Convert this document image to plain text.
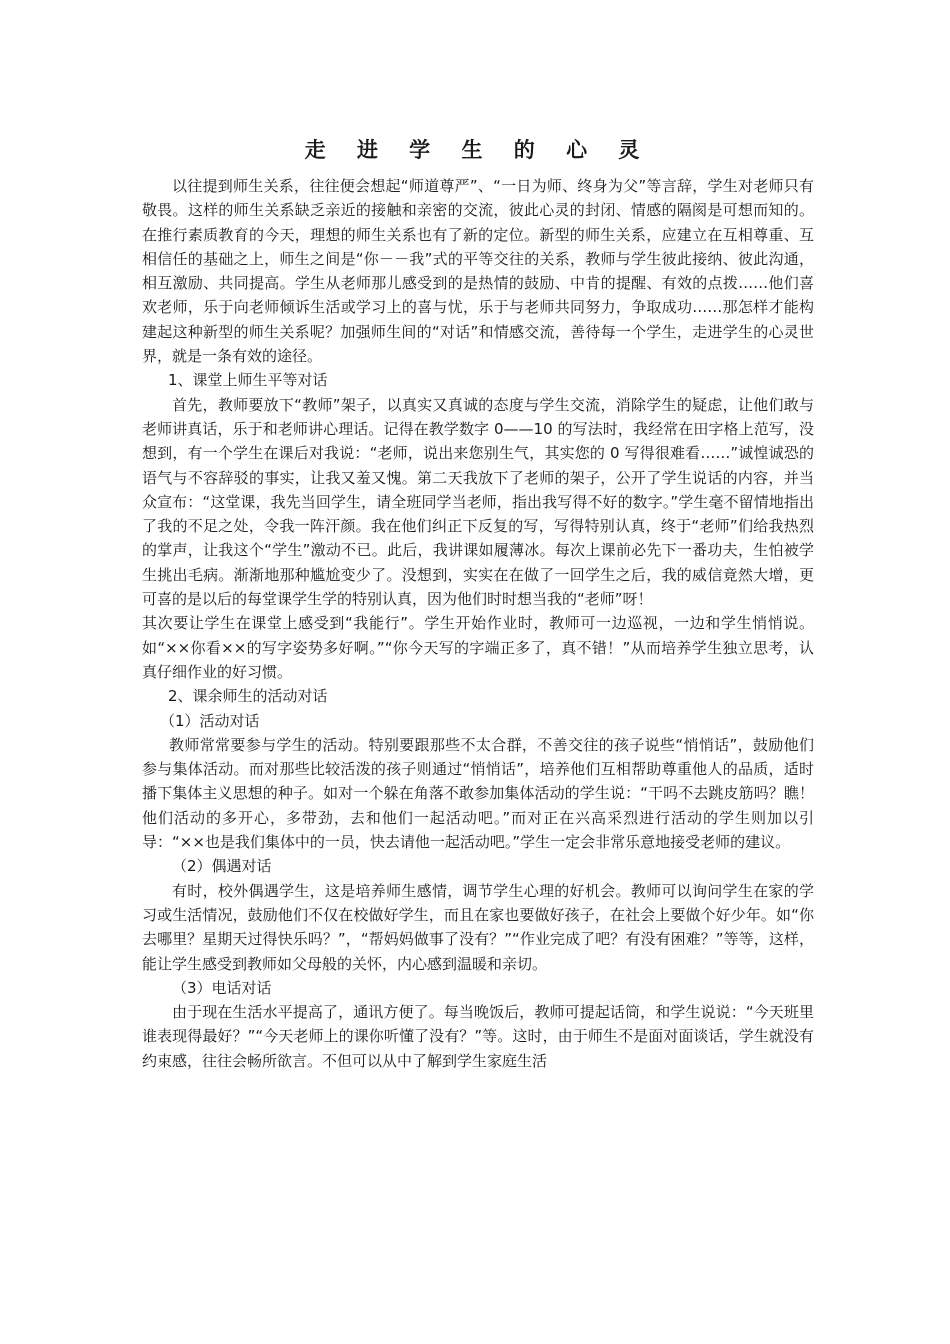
走 进 学 生 的 心 灵

以往提到师生关系，往往便会想起“师道尊严”、“一日为师、终身为父”等言辞，学生对老师只有敬畏。这样的师生关系缺乏亲近的接触和亲密的交流，彼此心灵的封闭、情感的隔阂是可想而知的。在推行素质教育的今天，理想的师生关系也有了新的定位。新型的师生关系，应建立在互相尊重、互相信任的基础之上，师生之间是“你－－我”式的平等交往的关系，教师与学生彼此接纳、彼此沟通，相互激励、共同提高。学生从老师那儿感受到的是热情的鼓励、中肯的提醒、有效的点拨……他们喜欢老师，乐于向老师倾诉生活或学习上的喜与忧，乐于与老师共同努力，争取成功……那怎样才能构建起这种新型的师生关系呢？加强师生间的“对话”和情感交流，善待每一个学生，走进学生的心灵世界，就是一条有效的途径。

1、课堂上师生平等对话

首先，教师要放下“教师”架子，以真实又真诚的态度与学生交流，消除学生的疑虑，让他们敢与老师讲真话，乐于和老师讲心理话。记得在教学数字 0——10 的写法时，我经常在田字格上范写，没想到，有一个学生在课后对我说：“老师，说出来您别生气，其实您的 0 写得很难看……”诚惶诚恐的语气与不容辞驳的事实，让我又羞又愧。第二天我放下了老师的架子，公开了学生说话的内容，并当众宣布：“这堂课，我先当回学生，请全班同学当老师，指出我写得不好的数字。”学生毫不留情地指出了我的不足之处，令我一阵汗颜。我在他们纠正下反复的写，写得特别认真，终于“老师”们给我热烈的掌声，让我这个“学生”激动不已。此后，我讲课如履薄冰。每次上课前必先下一番功夫，生怕被学生挑出毛病。渐渐地那种尴尬变少了。没想到，实实在在做了一回学生之后，我的威信竟然大增，更可喜的是以后的每堂课学生学的特别认真，因为他们时时想当我的“老师”呀！

其次要让学生在课堂上感受到“我能行”。学生开始作业时，教师可一边巡视，一边和学生悄悄说。如“××你看××的写字姿势多好啊。”“你今天写的字端正多了，真不错！”从而培养学生独立思考，认真仔细作业的好习惯。

2、课余师生的活动对话

（1）活动对话

教师常常要参与学生的活动。特别要跟那些不太合群，不善交往的孩子说些“悄悄话”，鼓励他们参与集体活动。而对那些比较活泼的孩子则通过“悄悄话”，培养他们互相帮助尊重他人的品质，适时播下集体主义思想的种子。如对一个躲在角落不敢参加集体活动的学生说：“干吗不去跳皮筋吗？瞧！他们活动的多开心，多带劲，去和他们一起活动吧。”而对正在兴高采烈进行活动的学生则加以引导：“××也是我们集体中的一员，快去请他一起活动吧。”学生一定会非常乐意地接受老师的建议。

（2）偶遇对话

有时，校外偶遇学生，这是培养师生感情，调节学生心理的好机会。教师可以询问学生在家的学习或生活情况，鼓励他们不仅在校做好学生，而且在家也要做好孩子，在社会上要做个好少年。如“你去哪里？星期天过得快乐吗？”，“帮妈妈做事了没有？”“作业完成了吧？有没有困难？”等等，这样，能让学生感受到教师如父母般的关怀，内心感到温暖和亲切。

（3）电话对话

由于现在生活水平提高了，通讯方便了。每当晚饭后，教师可提起话筒，和学生说说：“今天班里谁表现得最好？”“今天老师上的课你听懂了没有？”等。这时，由于师生不是面对面谈话，学生就没有约束感，往往会畅所欲言。不但可以从中了解到学生家庭生活
